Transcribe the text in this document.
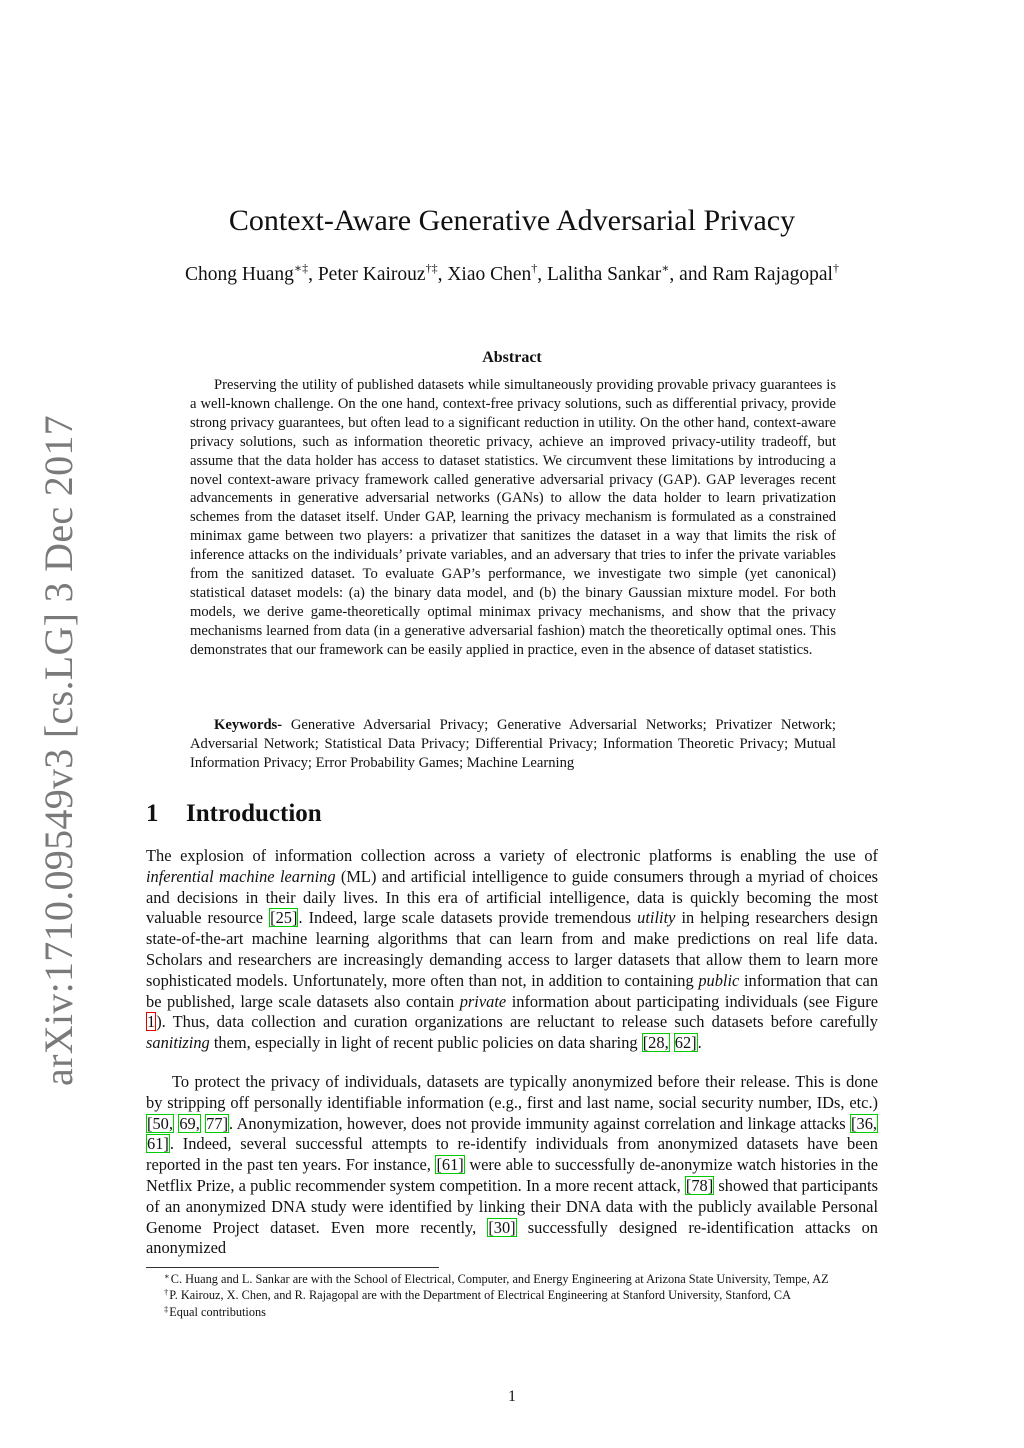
arXiv:1710.09549v3 [cs.LG] 3 Dec 2017
Context-Aware Generative Adversarial Privacy
Chong Huang∗‡, Peter Kairouz†‡, Xiao Chen†, Lalitha Sankar∗, and Ram Rajagopal†
Abstract

Preserving the utility of published datasets while simultaneously providing provable privacy guarantees is a well-known challenge. On the one hand, context-free privacy solutions, such as differential privacy, provide strong privacy guarantees, but often lead to a significant reduction in utility. On the other hand, context-aware privacy solutions, such as information theoretic privacy, achieve an improved privacy-utility tradeoff, but assume that the data holder has access to dataset statistics. We circumvent these limitations by introducing a novel context-aware privacy framework called generative adversarial privacy (GAP). GAP leverages recent advancements in generative adversarial networks (GANs) to allow the data holder to learn privatization schemes from the dataset itself. Under GAP, learning the privacy mechanism is formulated as a constrained minimax game between two players: a privatizer that sanitizes the dataset in a way that limits the risk of inference attacks on the individuals’ private variables, and an adversary that tries to infer the private variables from the sanitized dataset. To evaluate GAP’s performance, we investigate two simple (yet canonical) statistical dataset models: (a) the binary data model, and (b) the binary Gaussian mixture model. For both models, we derive game-theoretically optimal minimax privacy mechanisms, and show that the privacy mechanisms learned from data (in a generative adversarial fashion) match the theoretically optimal ones. This demonstrates that our framework can be easily applied in practice, even in the absence of dataset statistics.

Keywords- Generative Adversarial Privacy; Generative Adversarial Networks; Privatizer Network; Adversarial Network; Statistical Data Privacy; Differential Privacy; Information Theoretic Privacy; Mutual Information Privacy; Error Probability Games; Machine Learning

1 Introduction

The explosion of information collection across a variety of electronic platforms is enabling the use of inferential machine learning (ML) and artificial intelligence to guide consumers through a myriad of choices and decisions in their daily lives. In this era of artificial intelligence, data is quickly becoming the most valuable resource [25]. Indeed, large scale datasets provide tremendous utility in helping researchers design state-of-the-art machine learning algorithms that can learn from and make predictions on real life data. Scholars and researchers are increasingly demanding access to larger datasets that allow them to learn more sophisticated models. Unfortunately, more often than not, in addition to containing public information that can be published, large scale datasets also contain private information about participating individuals (see Figure 1). Thus, data collection and curation organizations are reluctant to release such datasets before carefully sanitizing them, especially in light of recent public policies on data sharing [28, 62].

To protect the privacy of individuals, datasets are typically anonymized before their release. This is done by stripping off personally identifiable information (e.g., first and last name, social security number, IDs, etc.) [50, 69, 77]. Anonymization, however, does not provide immunity against correlation and linkage attacks [36, 61]. Indeed, several successful attempts to re-identify individuals from anonymized datasets have been reported in the past ten years. For instance, [61] were able to successfully de-anonymize watch histories in the Netflix Prize, a public recommender system competition. In a more recent attack, [78] showed that participants of an anonymized DNA study were identified by linking their DNA data with the publicly available Personal Genome Project dataset. Even more recently, [30] successfully designed re-identification attacks on anonymized

∗C. Huang and L. Sankar are with the School of Electrical, Computer, and Energy Engineering at Arizona State University, Tempe, AZ

†P. Kairouz, X. Chen, and R. Rajagopal are with the Department of Electrical Engineering at Stanford University, Stanford, CA

‡Equal contributions

1
